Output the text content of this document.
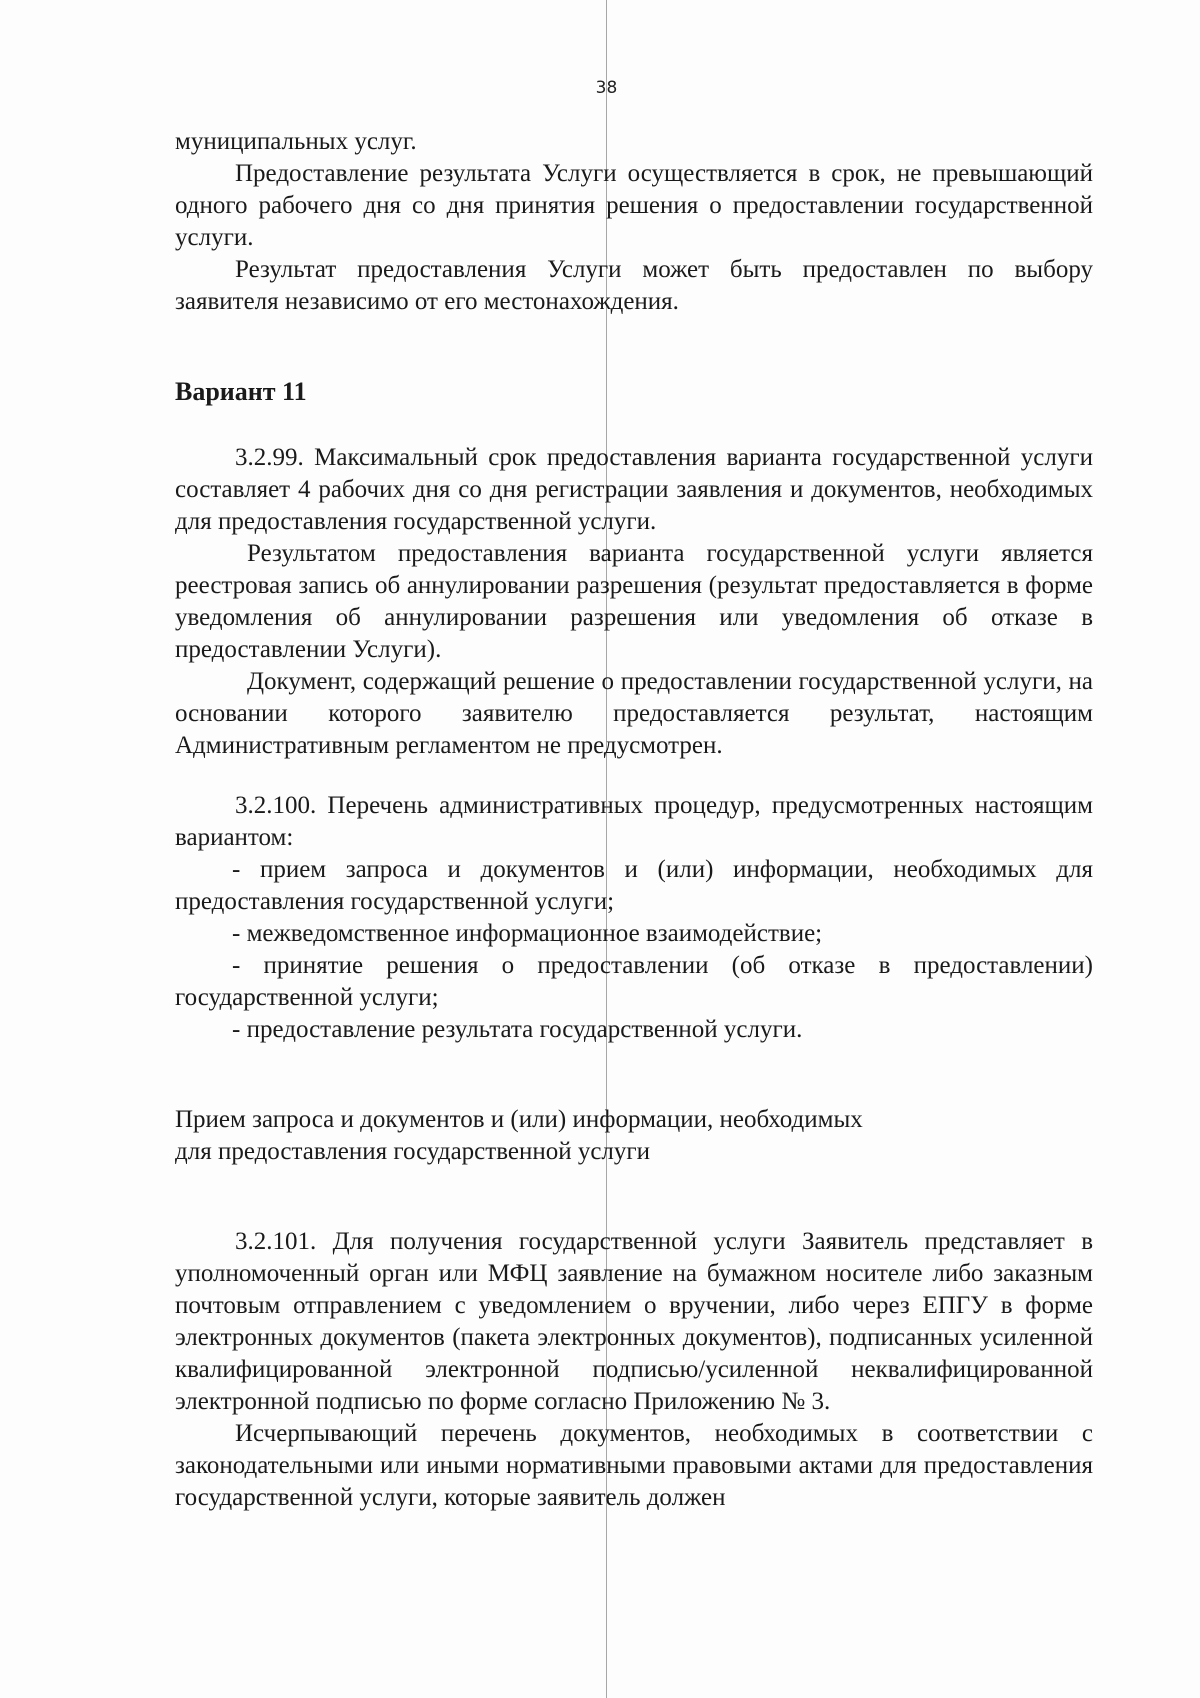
38

муниципальных услуг.

Предоставление результата Услуги осуществляется в срок, не превышающий одного рабочего дня со дня принятия решения о предоставлении государственной услуги.

Результат предоставления Услуги может быть предоставлен по выбору заявителя независимо от его местонахождения.

Вариант 11

3.2.99. Максимальный срок предоставления варианта государственной услуги составляет 4 рабочих дня со дня регистрации заявления и документов, необходимых для предоставления государственной услуги.

Результатом предоставления варианта государственной услуги является реестровая запись об аннулировании разрешения (результат предоставляется в форме уведомления об аннулировании разрешения или уведомления об отказе в предоставлении Услуги).

Документ, содержащий решение о предоставлении государственной услуги, на основании которого заявителю предоставляется результат, настоящим Административным регламентом не предусмотрен.

3.2.100. Перечень административных процедур, предусмотренных настоящим вариантом:

- прием запроса и документов и (или) информации, необходимых для предоставления государственной услуги;

- межведомственное информационное взаимодействие;

- принятие решения о предоставлении (об отказе в предоставлении) государственной услуги;

- предоставление результата государственной услуги.

Прием запроса и документов и (или) информации, необходимых

для предоставления государственной услуги

3.2.101. Для получения государственной услуги Заявитель представляет в уполномоченный орган или МФЦ заявление на бумажном носителе либо заказным почтовым отправлением с уведомлением о вручении, либо через ЕПГУ в форме электронных документов (пакета электронных документов), подписанных усиленной квалифицированной электронной подписью/усиленной неквалифицированной электронной подписью по форме согласно Приложению № 3.

Исчерпывающий перечень документов, необходимых в соответствии с законодательными или иными нормативными правовыми актами для предоставления государственной услуги, которые заявитель должен
